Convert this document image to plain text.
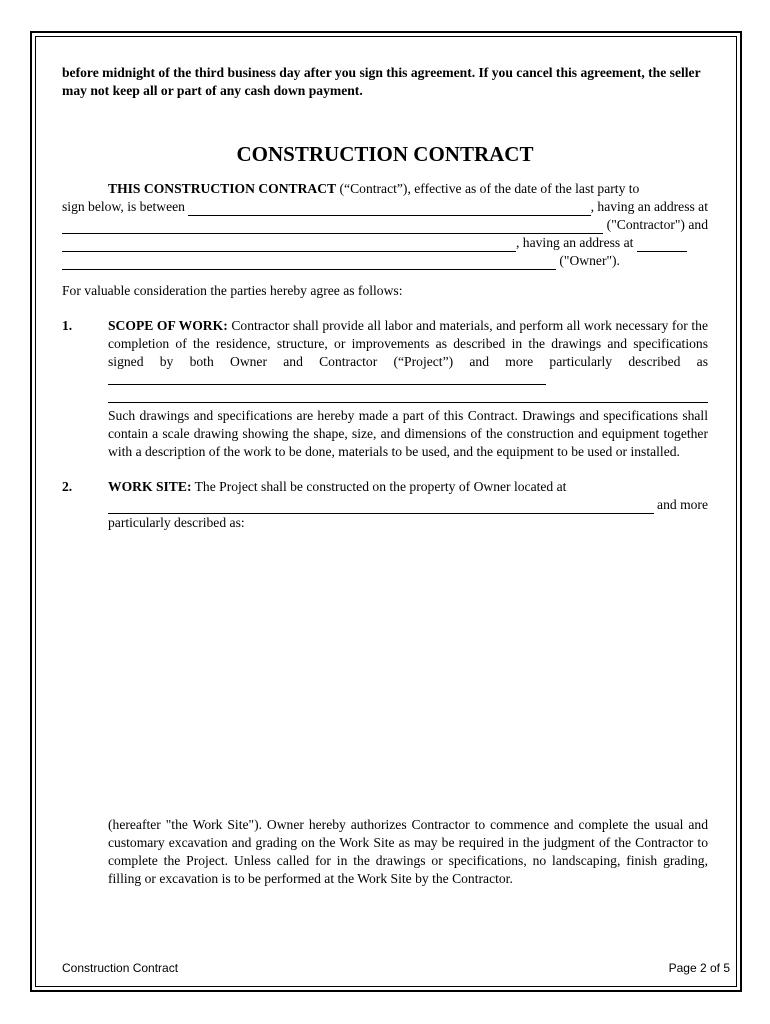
before midnight of the third business day after you sign this agreement. If you cancel this agreement, the seller may not keep all or part of any cash down payment.

CONSTRUCTION CONTRACT

THIS CONSTRUCTION CONTRACT (“Contract”), effective as of the date of the last party to

sign below, is between	, having an address at
("Contractor") and
, having an address at
("Owner").

For valuable consideration the parties hereby agree as follows:

1.	SCOPE OF WORK: Contractor shall provide all labor and materials, and perform all work necessary for the completion of the residence, structure, or improvements as described in the drawings and specifications signed by both Owner and Contractor (“Project”) and more particularly described as

Such drawings and specifications are hereby made a part of this Contract. Drawings and specifications shall contain a scale drawing showing the shape, size, and dimensions of the construction and equipment together with a description of the work to be done, materials to be used, and the equipment to be used or installed.

2.	WORK SITE: The Project shall be constructed on the property of Owner located at

and more

particularly described as:

(hereafter "the Work Site"). Owner hereby authorizes Contractor to commence and complete the usual and customary excavation and grading on the Work Site as may be required in the judgment of the Contractor to complete the Project. Unless called for in the drawings or specifications, no landscaping, finish grading, filling or excavation is to be performed at the Work Site by the Contractor.

Construction Contract	Page 2 of 5
